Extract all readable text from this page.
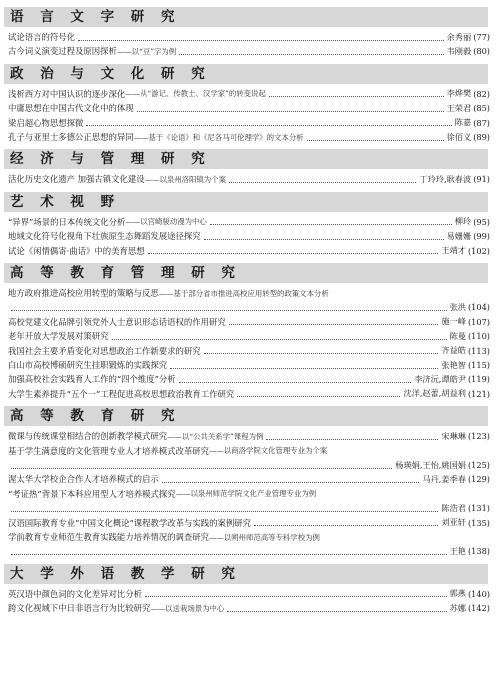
语 言 文 字 研 究
试论语言的符号化	余秀丽 (77)
古今词义演变过程及原因探析 ——以“豆”字为例	韦刚毅 (80)
政 治 与 文 化 研 究
浅析西方对中国认识的逐步深化 ——从“游记、传教士、汉学家”的转变说起	李烨樊 (82)
中庸思想在中国古代文化中的体现	王荣君 (85)
梁启超心物思想探微	陈嘉 (87)
孔子与亚里士多德公正思想的异同 ——基于《论语》和《尼各马可伦理学》的文本分析	徐佰义 (89)
经 济 与 管 理 研 究
活化历史文化遗产 加强古镇文化建设 ——以泉州洛阳镇为个案	丁玲玲,耿春波 (91)
艺 术 视 野
“异界”场景的日本传统文化分析 ——以宫崎骏动漫为中心	柳玲 (95)
地域文化符号化视角下壮族原生态舞蹈发展途径探究	易姗姗 (99)
试论《闲情偶寄·曲话》中的美育思想	王靖才 (102)
高 等 教 育 管 理 研 究
地方政府推进高校应用转型的策略与反思 ——基于部分省市推进高校应用转型的政策文本分析
张洪 (104)
高校党建文化品牌引领党外人士意识形态话语权的作用研究	施一峰 (107)
老年开放大学发展对策研究	陈曼 (110)
我国社会主要矛盾变化对思想政治工作新要求的研究	齐益皓 (113)
白山市高校博硕研究生挂职锻炼的实践探究	张艳智 (115)
加强高校社会实践育人工作的“四个维度”分析	李济沅,谭皓尹 (119)
大学生素养提升“五个一”工程促进高校思想政治教育工作研究	沈洋,赵蕾,胡益利 (121)
高 等 教 育 研 究
微课与传统课堂相结合的创新教学模式研究 ——以“公共关系学”课程为例	宋琳琳 (123)
基于学生满意度的文化管理专业人才培养模式改革研究 ——以商洛学院文化管理专业为个案
杨瑛娟,王怡,姚国娟 (125)
渥太华大学校企合作人才培养模式的启示	马丹,姜季春 (129)
“考证热”背景下本科应用型人才培养模式探究 ——以泉州师范学院文化产业管理专业为例
陈浩君 (131)
汉语国际教育专业“中国文化概论”课程教学改革与实践的案例研究	刘亚轩 (135)
学前教育专业师范生教育实践能力培养情况的调查研究 ——以朔州师范高等专科学校为例
王艳 (138)
大 学 外 语 教 学 研 究
英汉语中颜色词的文化差异对比分析	郭燕 (140)
跨文化视域下中日非语言行为比较研究 ——以送栽场景为中心	苏娜 (142)
